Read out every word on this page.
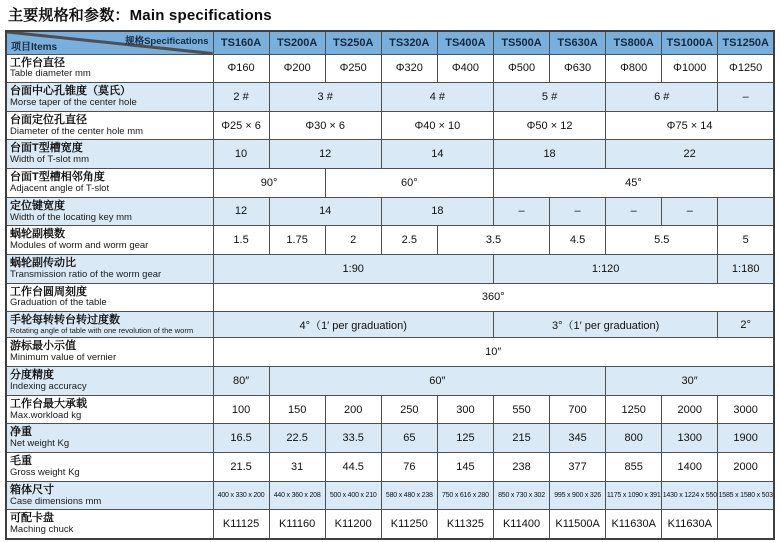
主要规格和参数：Main specifications
规格Specifications
项目Items	TS160A	TS200A	TS250A	TS320A	TS400A	TS500A	TS630A	TS800A	TS1000A	TS1250A

工作台直径
Table diameter mm	Φ160	Φ200	Φ250	Φ320	Φ400	Φ500	Φ630	Φ800	Φ1000	Φ1250

台面中心孔锥度（莫氏）
Morse taper of the center hole	2 #	3 #		4 #		5 #		6 #		–

台面定位孔直径
Diameter of the center hole mm	Φ25 × 6	Φ30 × 6		Φ40 × 10		Φ50 × 12		Φ75 × 14		

台面T型槽宽度
Width of T-slot mm	10	12		14		18		22		

台面T型槽相邻角度
Adjacent angle of T-slot	90°		60°			45°				

定位键宽度
Width of the locating key mm	12	14		18		–	–	–	–	

蜗轮副模数
Modules of worm and worm gear	1.5	1.75	2	2.5	3.5		4.5	5.5		5

蜗轮副传动比
Transmission ratio of the worm gear	1:90					1:120				1:180

工作台圆周刻度
Graduation of the table	360°									

手轮每转转台转过度数
Rotating angle of table with one revolution of the worm	4°（1′ per graduation)					3°（1′ per graduation)				2°

游标最小示值
Minimum value of vernier	10″									

分度精度
Indexing accuracy	80″	60″						30″		

工作台最大承载
Max.workload kg	100	150	200	250	300	550	700	1250	2000	3000

净重
Net weight Kg	16.5	22.5	33.5	65	125	215	345	800	1300	1900

毛重
Gross weight Kg	21.5	31	44.5	76	145	238	377	855	1400	2000

箱体尺寸
Case dimensions mm	400 x 330 x 200	440 x 360 x 208	500 x 400 x 210	580 x 480 x 238	750 x 616 x 280	850 x 730 x 302	995 x 900 x 326	1175 x 1090 x 391	1430 x 1224 x 550	1585 x 1580 x 503

可配卡盘
Maching chuck	K11125	K11160	K11200	K11250	K11325	K11400	K11500A	K11630A	K11630A	
